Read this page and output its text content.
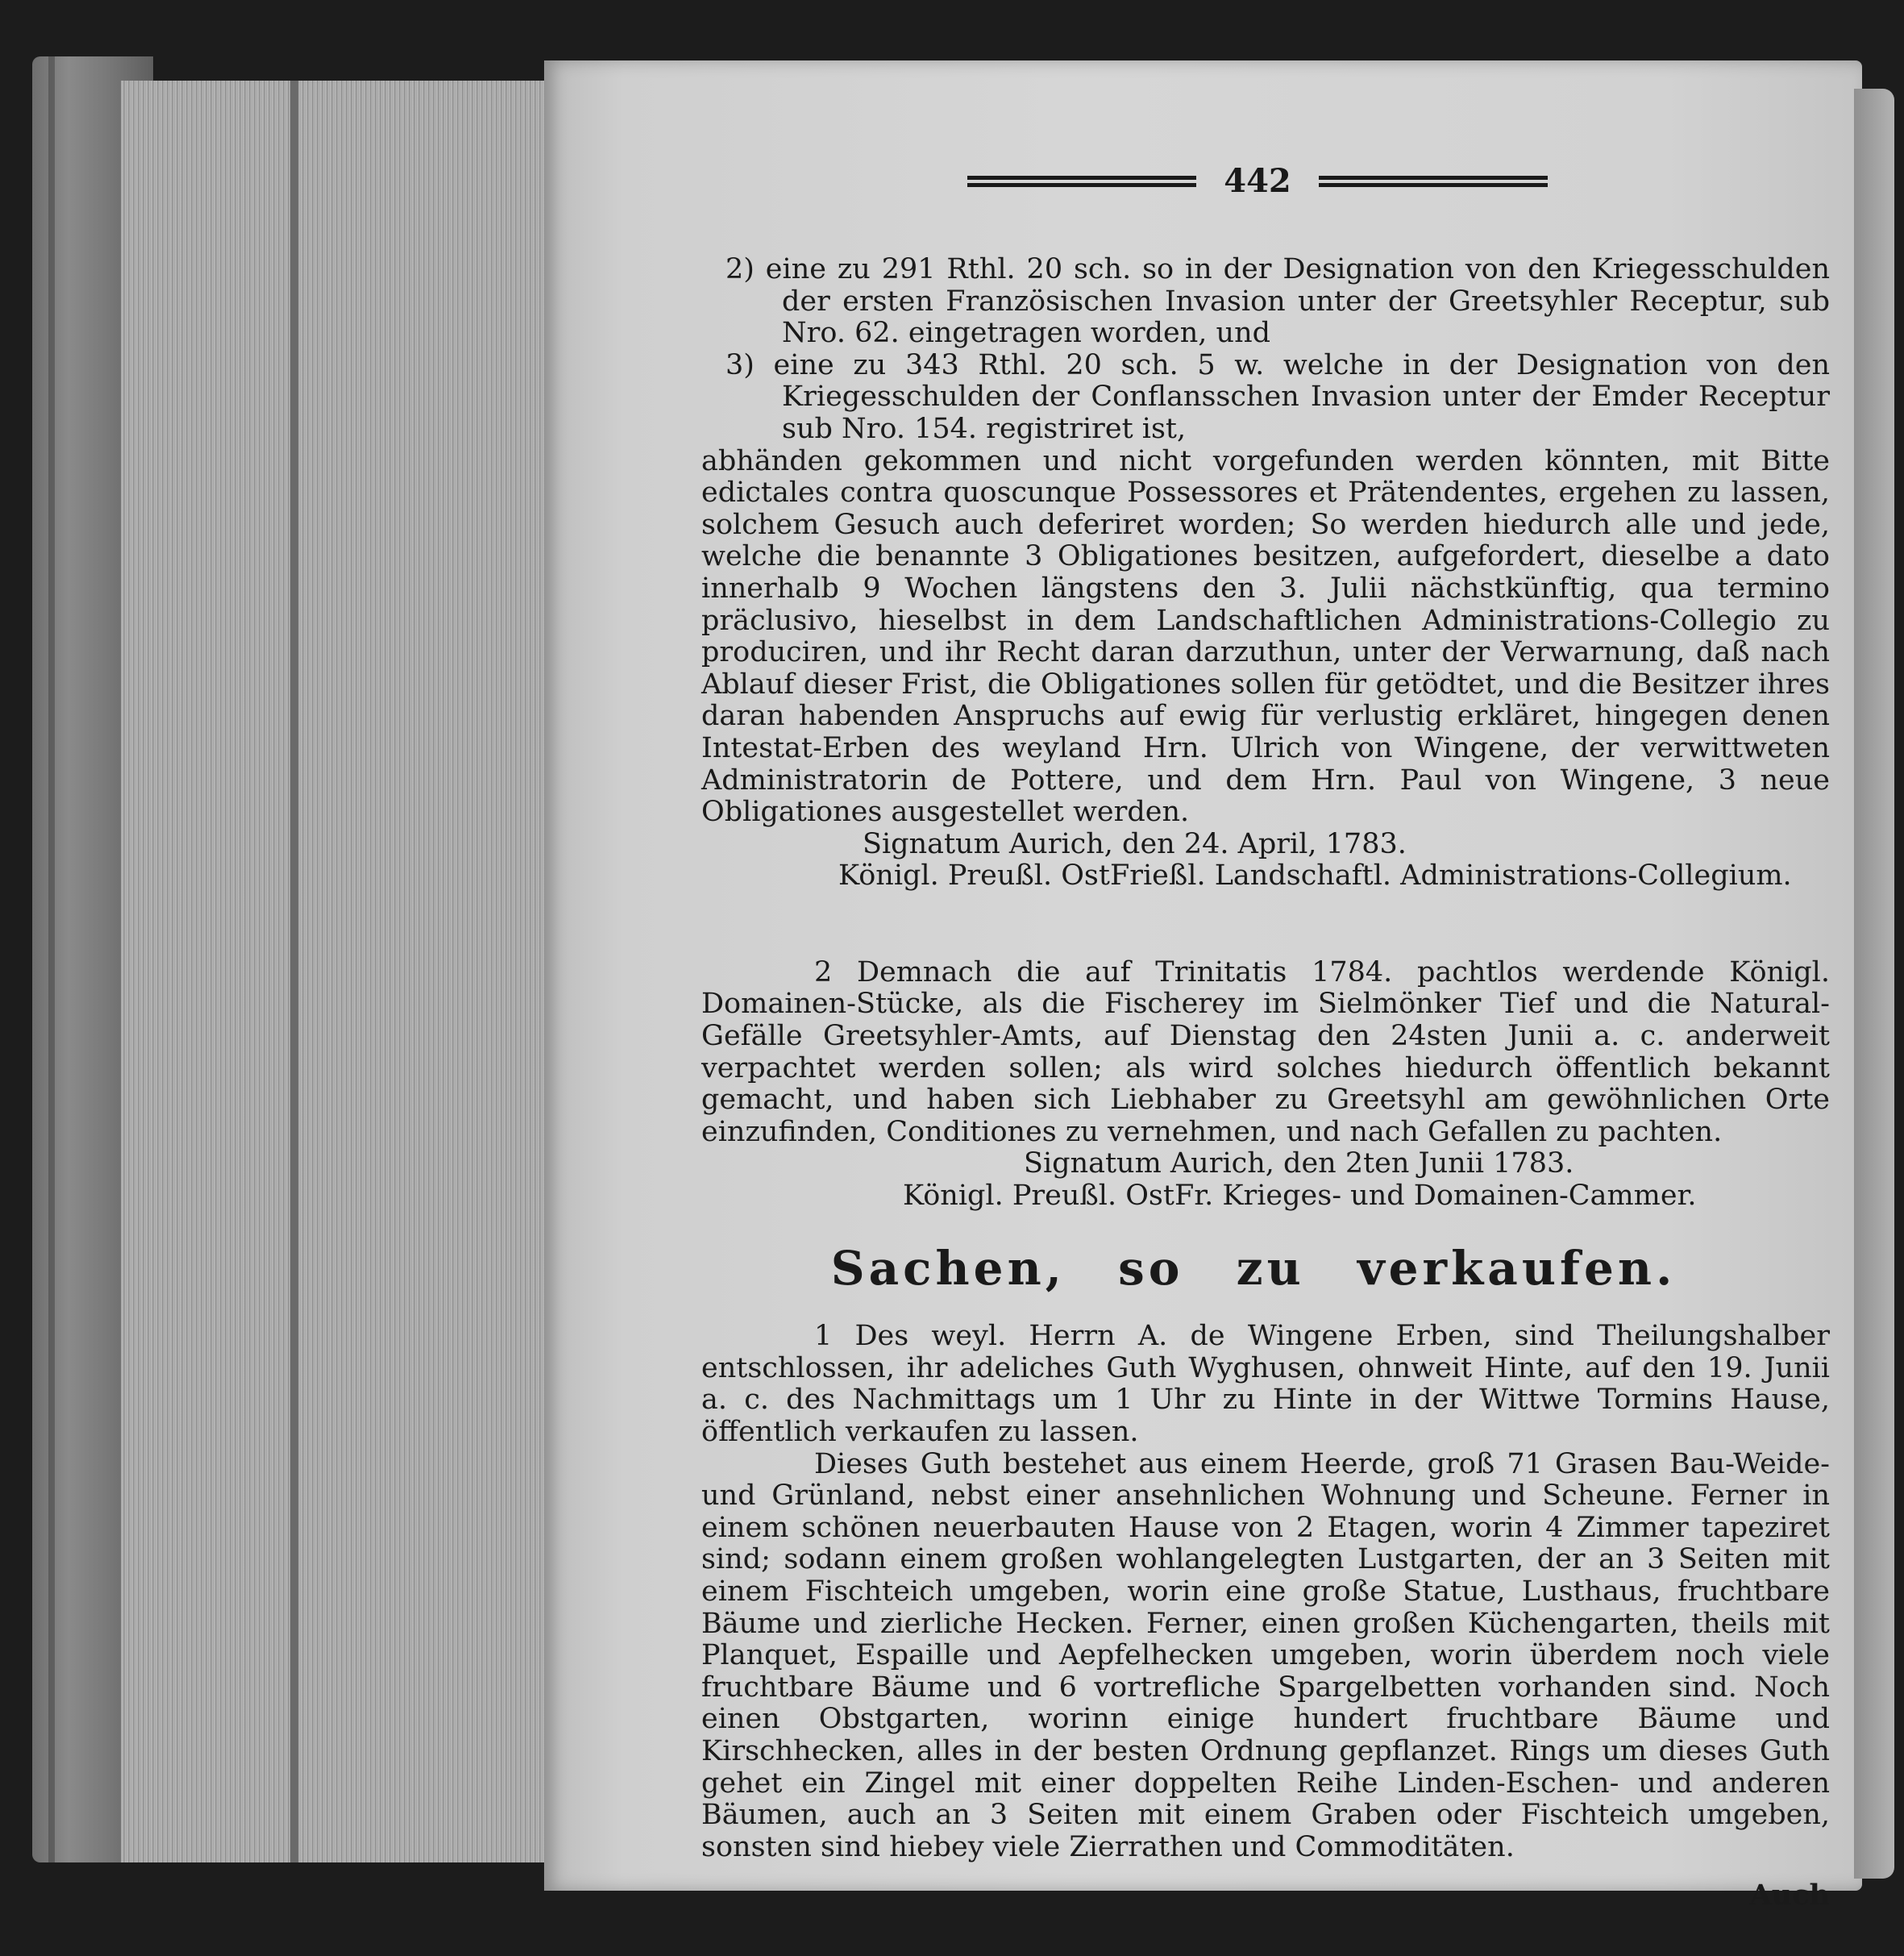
442

2) eine zu 291 Rthl. 20 sch. so in der Designation von den Kriegesschulden der ersten Französischen Invasion unter der Greetsyhler Receptur, sub Nro. 62. eingetragen worden, und

3) eine zu 343 Rthl. 20 sch. 5 w. welche in der Designation von den Kriegesschulden der Conflansschen Invasion unter der Emder Receptur sub Nro. 154. registriret ist,

abhänden gekommen und nicht vorgefunden werden könnten, mit Bitte edictales contra quoscunque Possessores et Prätendentes, ergehen zu lassen, solchem Gesuch auch deferiret worden; So werden hiedurch alle und jede, welche die benannte 3 Obligationes besitzen, aufgefordert, dieselbe a dato innerhalb 9 Wochen längstens den 3. Julii nächstkünftig, qua termino präclusivo, hieselbst in dem Landschaftlichen Administrations-Collegio zu produciren, und ihr Recht daran darzuthun, unter der Verwarnung, daß nach Ablauf dieser Frist, die Obligationes sollen für getödtet, und die Besitzer ihres daran habenden Anspruchs auf ewig für verlustig erkläret, hingegen denen Intestat-Erben des weyland Hrn. Ulrich von Wingene, der verwittweten Administratorin de Pottere, und dem Hrn. Paul von Wingene, 3 neue Obligationes ausgestellet werden.

Signatum Aurich, den 24. April, 1783.

Königl. Preußl. OstFrießl. Landschaftl. Administrations-Collegium.

2 Demnach die auf Trinitatis 1784. pachtlos werdende Königl. Domainen-Stücke, als die Fischerey im Sielmönker Tief und die Natural-Gefälle Greetsyhler-Amts, auf Dienstag den 24sten Junii a. c. anderweit verpachtet werden sollen; als wird solches hiedurch öffentlich bekannt gemacht, und haben sich Liebhaber zu Greetsyhl am gewöhnlichen Orte einzufinden, Conditiones zu vernehmen, und nach Gefallen zu pachten.

Signatum Aurich, den 2ten Junii 1783.

Königl. Preußl. OstFr. Krieges- und Domainen-Cammer.

Sachen, so zu verkaufen.

1 Des weyl. Herrn A. de Wingene Erben, sind Theilungshalber entschlossen, ihr adeliches Guth Wyghusen, ohnweit Hinte, auf den 19. Junii a. c. des Nachmittags um 1 Uhr zu Hinte in der Wittwe Tormins Hause, öffentlich verkaufen zu lassen.

Dieses Guth bestehet aus einem Heerde, groß 71 Grasen Bau-Weide- und Grünland, nebst einer ansehnlichen Wohnung und Scheune. Ferner in einem schönen neuerbauten Hause von 2 Etagen, worin 4 Zimmer tapeziret sind; sodann einem großen wohlangelegten Lustgarten, der an 3 Seiten mit einem Fischteich umgeben, worin eine große Statue, Lusthaus, fruchtbare Bäume und zierliche Hecken. Ferner, einen großen Küchengarten, theils mit Planquet, Espaille und Aepfelhecken umgeben, worin überdem noch viele fruchtbare Bäume und 6 vortrefliche Spargelbetten vorhanden sind. Noch einen Obstgarten, worinn einige hundert fruchtbare Bäume und Kirschhecken, alles in der besten Ordnung gepflanzet. Rings um dieses Guth gehet ein Zingel mit einer doppelten Reihe Linden-Eschen- und anderen Bäumen, auch an 3 Seiten mit einem Graben oder Fischteich umgeben, sonsten sind hiebey viele Zierrathen und Commoditäten.

Auch
